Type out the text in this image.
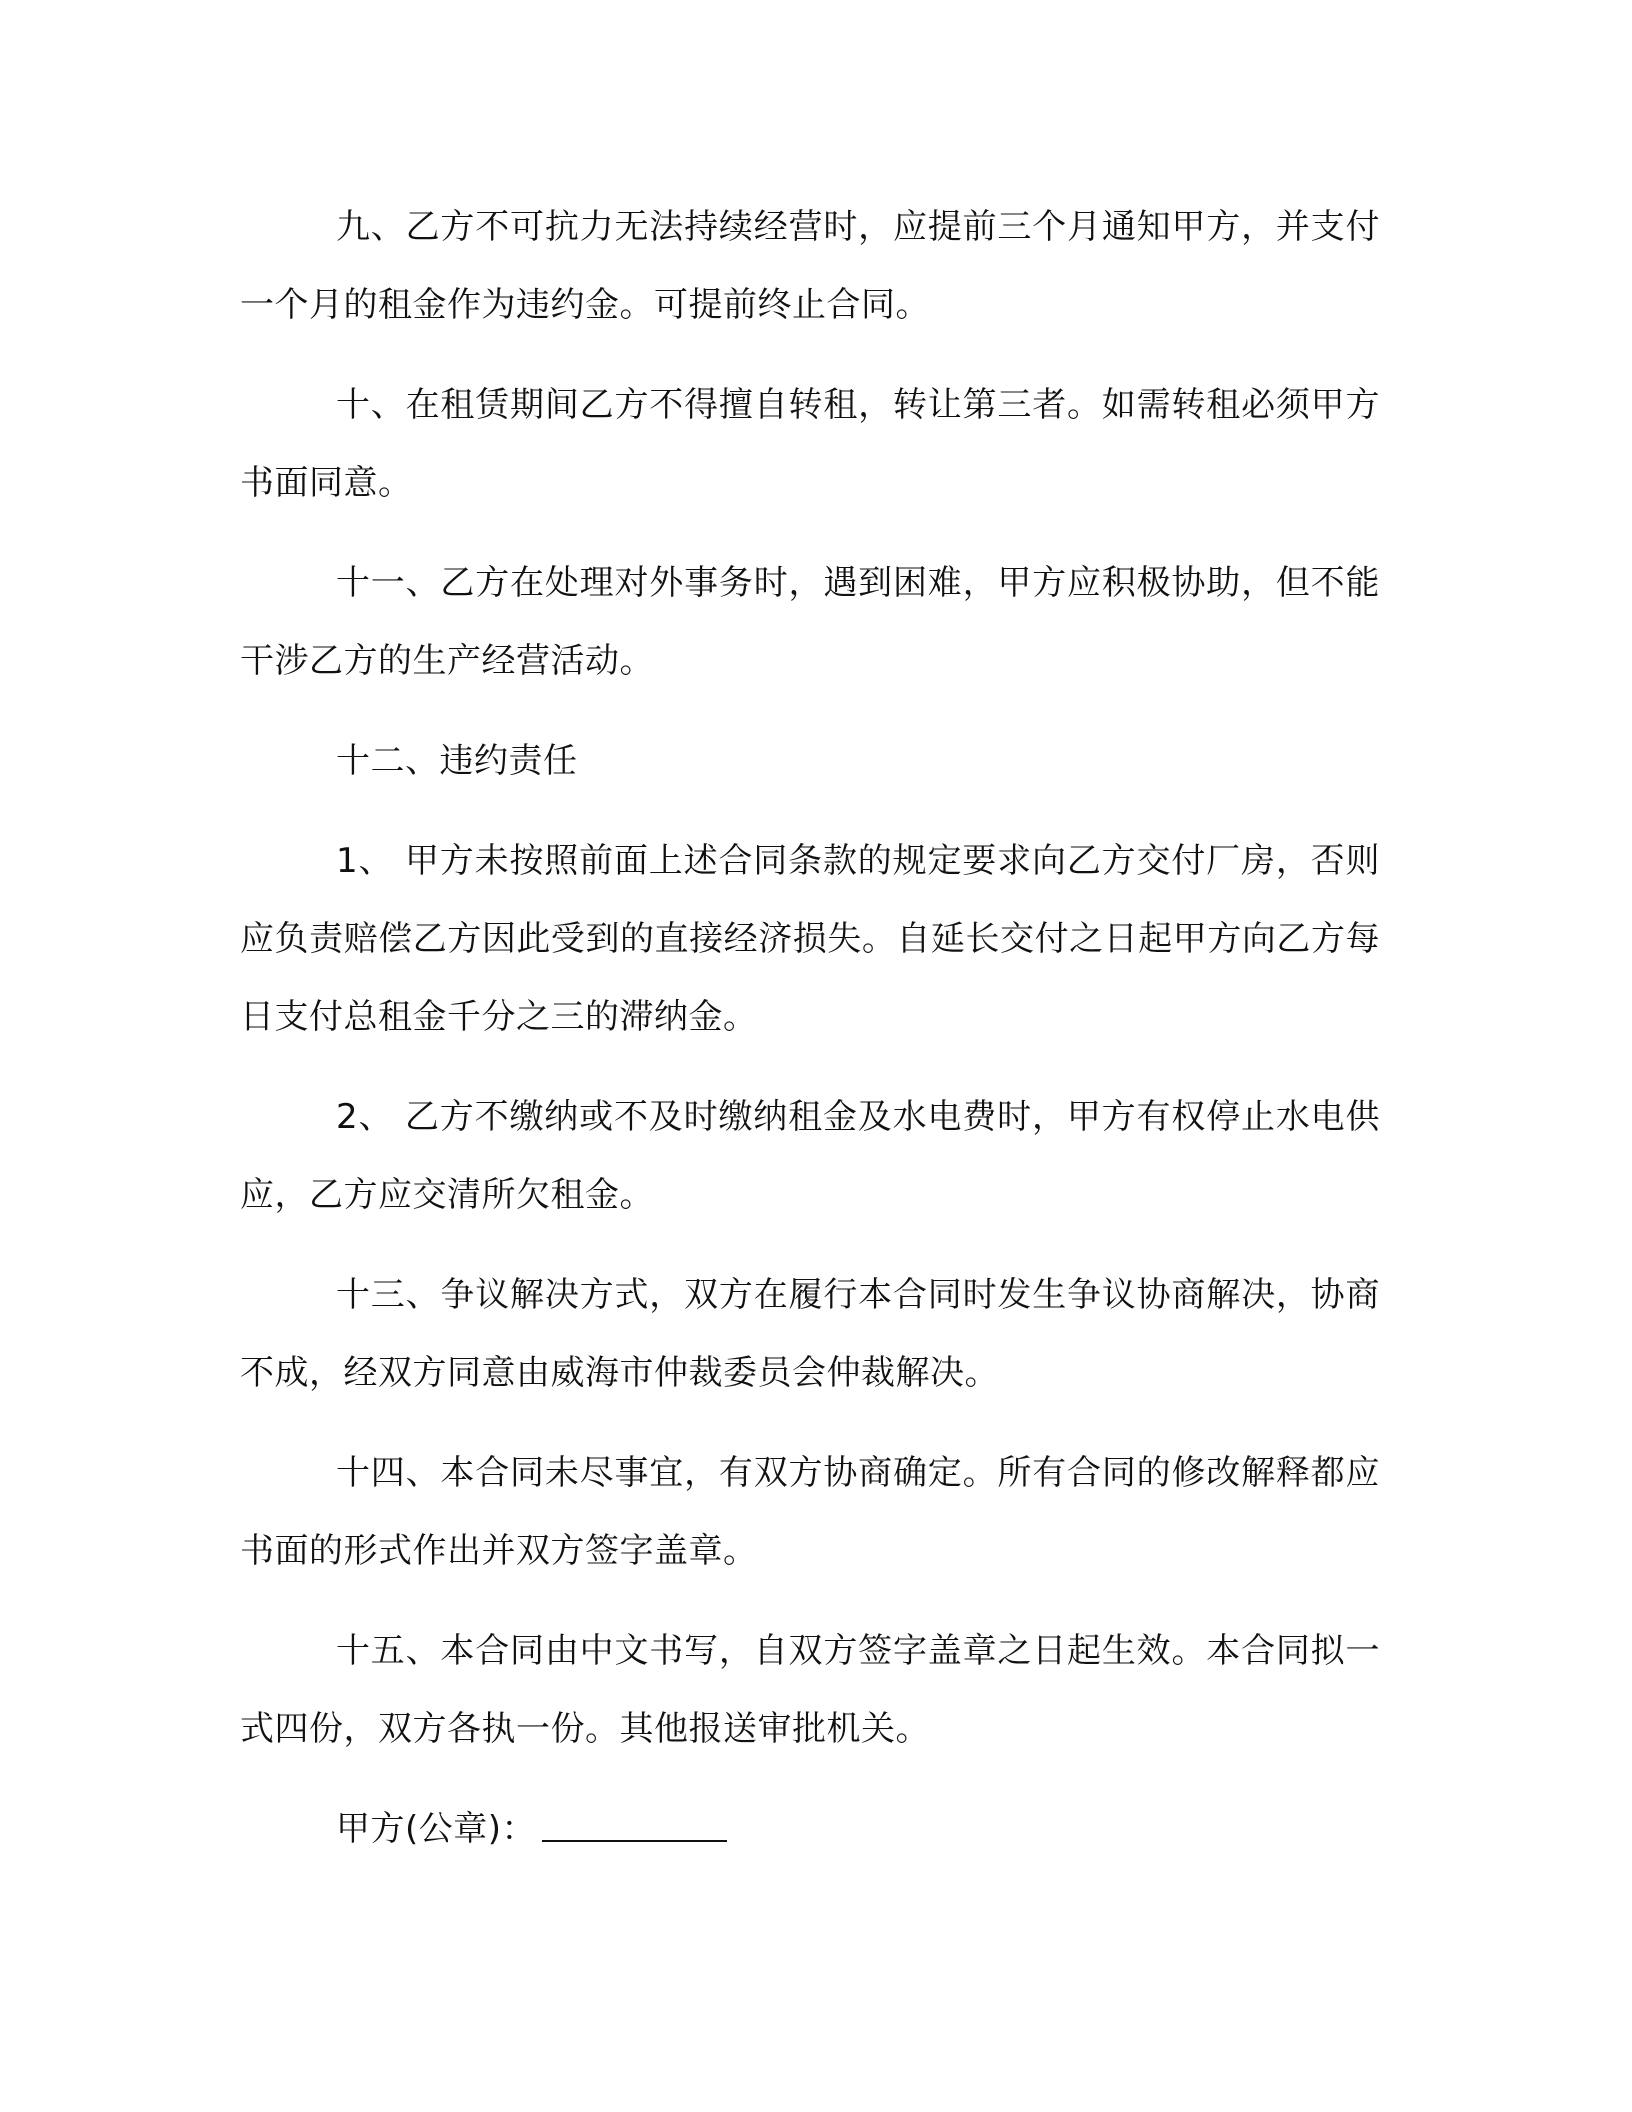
九、乙方不可抗力无法持续经营时，应提前三个月通知甲方，并支付一个月的租金作为违约金。可提前终止合同。

十、在租赁期间乙方不得擅自转租，转让第三者。如需转租必须甲方书面同意。

十一、乙方在处理对外事务时，遇到困难，甲方应积极协助，但不能干涉乙方的生产经营活动。

十二、违约责任

1、 甲方未按照前面上述合同条款的规定要求向乙方交付厂房，否则应负责赔偿乙方因此受到的直接经济损失。自延长交付之日起甲方向乙方每日支付总租金千分之三的滞纳金。

2、 乙方不缴纳或不及时缴纳租金及水电费时，甲方有权停止水电供应，乙方应交清所欠租金。

十三、争议解决方式，双方在履行本合同时发生争议协商解决，协商不成，经双方同意由威海市仲裁委员会仲裁解决。

十四、本合同未尽事宜，有双方协商确定。所有合同的修改解释都应书面的形式作出并双方签字盖章。

十五、本合同由中文书写，自双方签字盖章之日起生效。本合同拟一式四份，双方各执一份。其他报送审批机关。

甲方(公章)：
